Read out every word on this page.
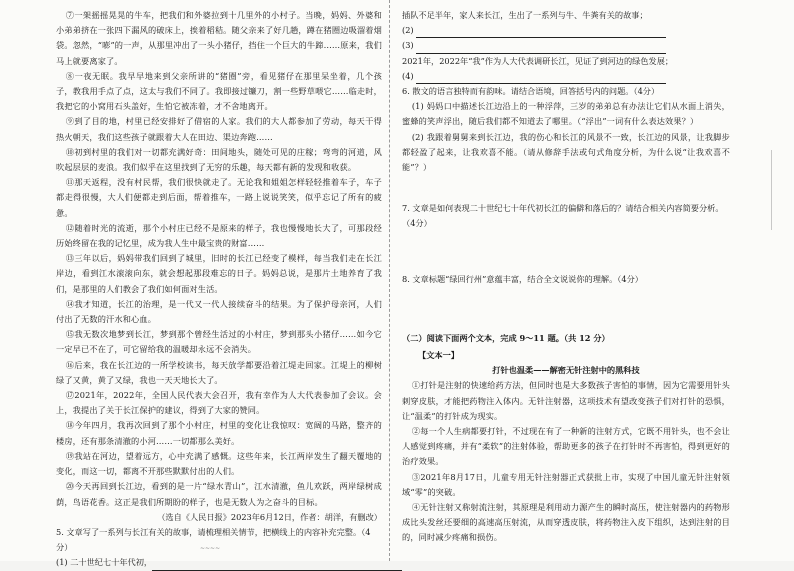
⑦一架摇摇晃晃的牛车，把我们和外婆拉到十几里外的小村子。当晚，妈妈、外婆和小弟弟挤在一张四下漏风的破床上，挨着稻秸。随父亲来了好几趟，蹲在猪圈边吸溜着烟袋。忽然，“嘭”的一声，从那里冲出了一头小猪仔，挡住一个巨大的牛蹄……原来，我们马上就要离家了。

⑧一夜无眠。我早早地来到父亲所讲的“猪圈”旁，看见猪仔在那里呆坐着，几个孩子，教我用手点了点，这太与我们不同了。我即接过镰刀，割一些野草喂它……临走时，我把它的小窝用石头盖好，生怕它被冻着，才不舍地离开。

⑨到了目的地，村里已经安排好了借宿的人家。我们的大人都参加了劳动，每天干得热火朝天，我们这些孩子就跟着大人在田边、渠边奔跑……

⑩初到村里的我们对一切都充满好奇：田间地头，随处可见的庄稼；弯弯的河道，风吹起层层的麦浪。我们似乎在这里找到了无穷的乐趣，每天都有新的发现和收获。

⑪那天返程，没有村民帮，我们很快就走了。无论我和姐姐怎样轻轻推着车子，车子都走得很慢，大人们便都走到后面，帮着推车，一路上说说笑笑，似乎忘记了所有的疲惫。

⑫随着时光的流逝，那个小村庄已经不是原来的样子，我也慢慢地长大了，可那段经历始终留在我的记忆里，成为我人生中最宝贵的财富……

⑬三年以后，妈妈带我们回到了城里，旧时的长江已经变了模样，每当我们走在长江岸边，看到江水滚滚向东，就会想起那段难忘的日子。妈妈总说，是那片土地养育了我们，是那里的人们教会了我们如何面对生活。

⑭我才知道，长江的治理，是一代又一代人接续奋斗的结果。为了保护母亲河，人们付出了无数的汗水和心血。

⑮我无数次地梦到长江，梦到那个曾经生活过的小村庄，梦到那头小猪仔……如今它一定早已不在了，可它留给我的温暖却永远不会消失。

⑯后来，我在长江边的一所学校读书，每天放学都要沿着江堤走回家。江堤上的柳树绿了又黄，黄了又绿，我也一天天地长大了。

⑰2021年，2022年，全国人民代表大会召开，我有幸作为人大代表参加了会议。会上，我提出了关于长江保护的建议，得到了大家的赞同。

⑱今年四月，我再次回到了那个小村庄，村里的变化让我惊叹：宽阔的马路，整齐的楼房，还有那条清澈的小河……一切都那么美好。

⑲我站在河边，望着远方，心中充满了感慨。这些年来，长江两岸发生了翻天覆地的变化，而这一切，都离不开那些默默付出的人们。

⑳今天再回到长江边，看到的是一片“绿水青山”，江水清澈，鱼儿欢跃，两岸绿树成荫，鸟语花香。这正是我们所期盼的样子，也是无数人为之奋斗的目标。

（选自《人民日报》2023年6月12日，作者：胡洋，有删改）

5. 文章写了一系列与长江有关的故事，请梳理相关情节，把横线上的内容补充完整。（4分）

(1) 二十世纪七十年代初，

~~~~

插队不足半年，家人来长江，生出了一系列与牛、牛粪有关的故事；

(2)

(3)

2021年，2022年“我”作为人大代表调研长江，见证了到河边的绿色发展；

(4)

6. 散文的语言独特而有韵味。请结合语境，回答括号内的问题。（4分）

(1) 妈妈口中描述长江边沿上的一种浮萍，三岁的弟弟总有办法让它们从水面上消失，蜜蜂的笑声浮出，随后我们都不知道去了哪里。（“浮出”一词有什么表达效果？）

(2) 我跟着舅舅来到长江边，我的伤心和长江的风景不一致，长江边的风景，让我脚步都轻盈了起来，让我欢喜不能。（请从修辞手法或句式角度分析，为什么说“让我欢喜不能”？）

7. 文章是如何表现二十世纪七十年代初长江的偏僻和落后的？请结合相关内容简要分析。（4分）

8. 文章标题“绿回行州”意蕴丰富，结合全文说说你的理解。（4分）

（二）阅读下面两个文本，完成 9～11 题。（共 12 分）

【文本一】

打针也温柔——解密无针注射中的黑科技

①打针是注射的快速给药方法，但同时也是大多数孩子害怕的事情，因为它需要用针头刺穿皮肤，才能把药物注入体内。无针注射器，这项技术有望改变孩子们对打针的恐惧，让“温柔”的打针成为现实。

②每一个人生病都要打针，不过现在有了一种新的注射方式，它既不用针头，也不会让人感觉到疼痛，并有“柔软”的注射体验，帮助更多的孩子在打针时不再害怕，得到更好的治疗效果。

③2021年8月17日，儿童专用无针注射器正式获批上市，实现了中国儿童无针注射领域“零”的突破。

④无针注射又称射流注射，其原理是利用动力源产生的瞬时高压，使注射器内的药物形成比头发丝还要细的高速高压射流，从而穿透皮肤，将药物注入皮下组织，达到注射的目的，同时减少疼痛和损伤。
